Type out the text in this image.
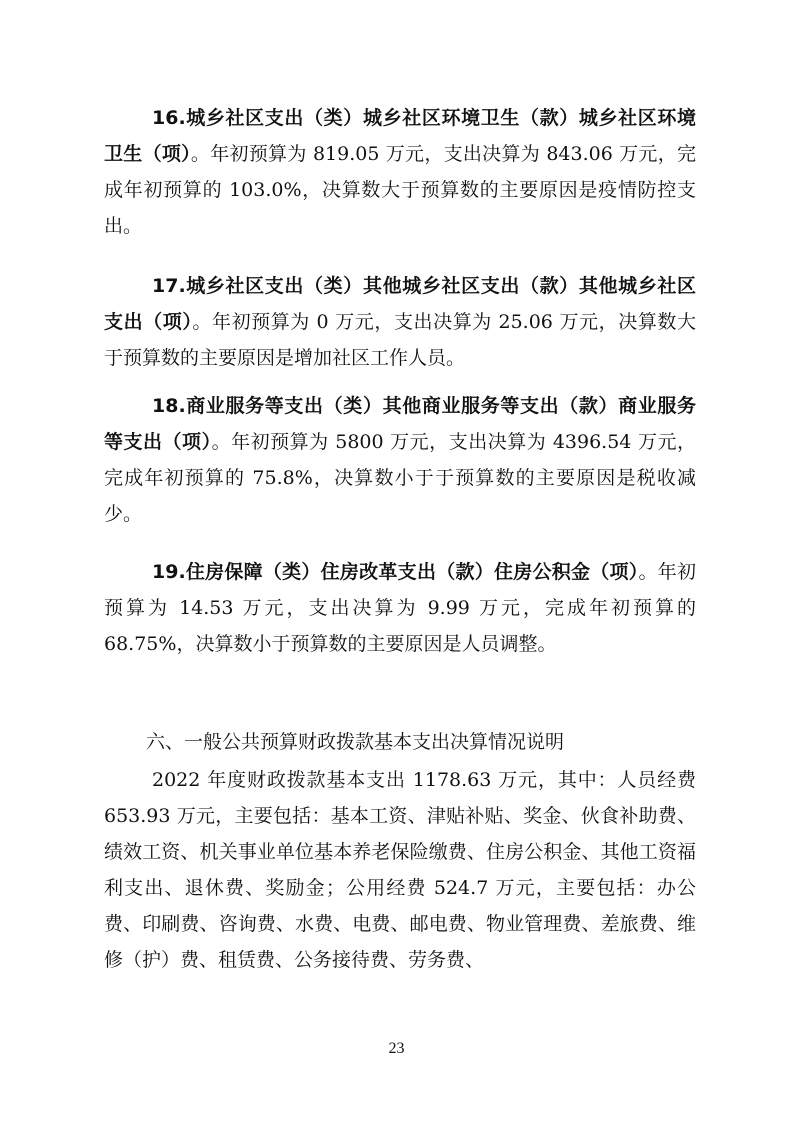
16.城乡社区支出（类）城乡社区环境卫生（款）城乡社区环境卫生（项）。年初预算为 819.05 万元，支出决算为 843.06 万元，完成年初预算的 103.0%，决算数大于预算数的主要原因是疫情防控支出。

17.城乡社区支出（类）其他城乡社区支出（款）其他城乡社区支出（项）。年初预算为 0 万元，支出决算为 25.06 万元，决算数大于预算数的主要原因是增加社区工作人员。

18.商业服务等支出（类）其他商业服务等支出（款）商业服务等支出（项）。年初预算为 5800 万元，支出决算为 4396.54 万元，完成年初预算的 75.8%，决算数小于于预算数的主要原因是税收减少。

19.住房保障（类）住房改革支出（款）住房公积金（项）。年初预算为 14.53 万元，支出决算为 9.99 万元，完成年初预算的 68.75%，决算数小于预算数的主要原因是人员调整。

六、一般公共预算财政拨款基本支出决算情况说明

2022 年度财政拨款基本支出 1178.63 万元，其中：人员经费 653.93 万元，主要包括：基本工资、津贴补贴、奖金、伙食补助费、绩效工资、机关事业单位基本养老保险缴费、住房公积金、其他工资福利支出、退休费、奖励金；公用经费 524.7 万元，主要包括：办公费、印刷费、咨询费、水费、电费、邮电费、物业管理费、差旅费、维修（护）费、租赁费、公务接待费、劳务费、

23
